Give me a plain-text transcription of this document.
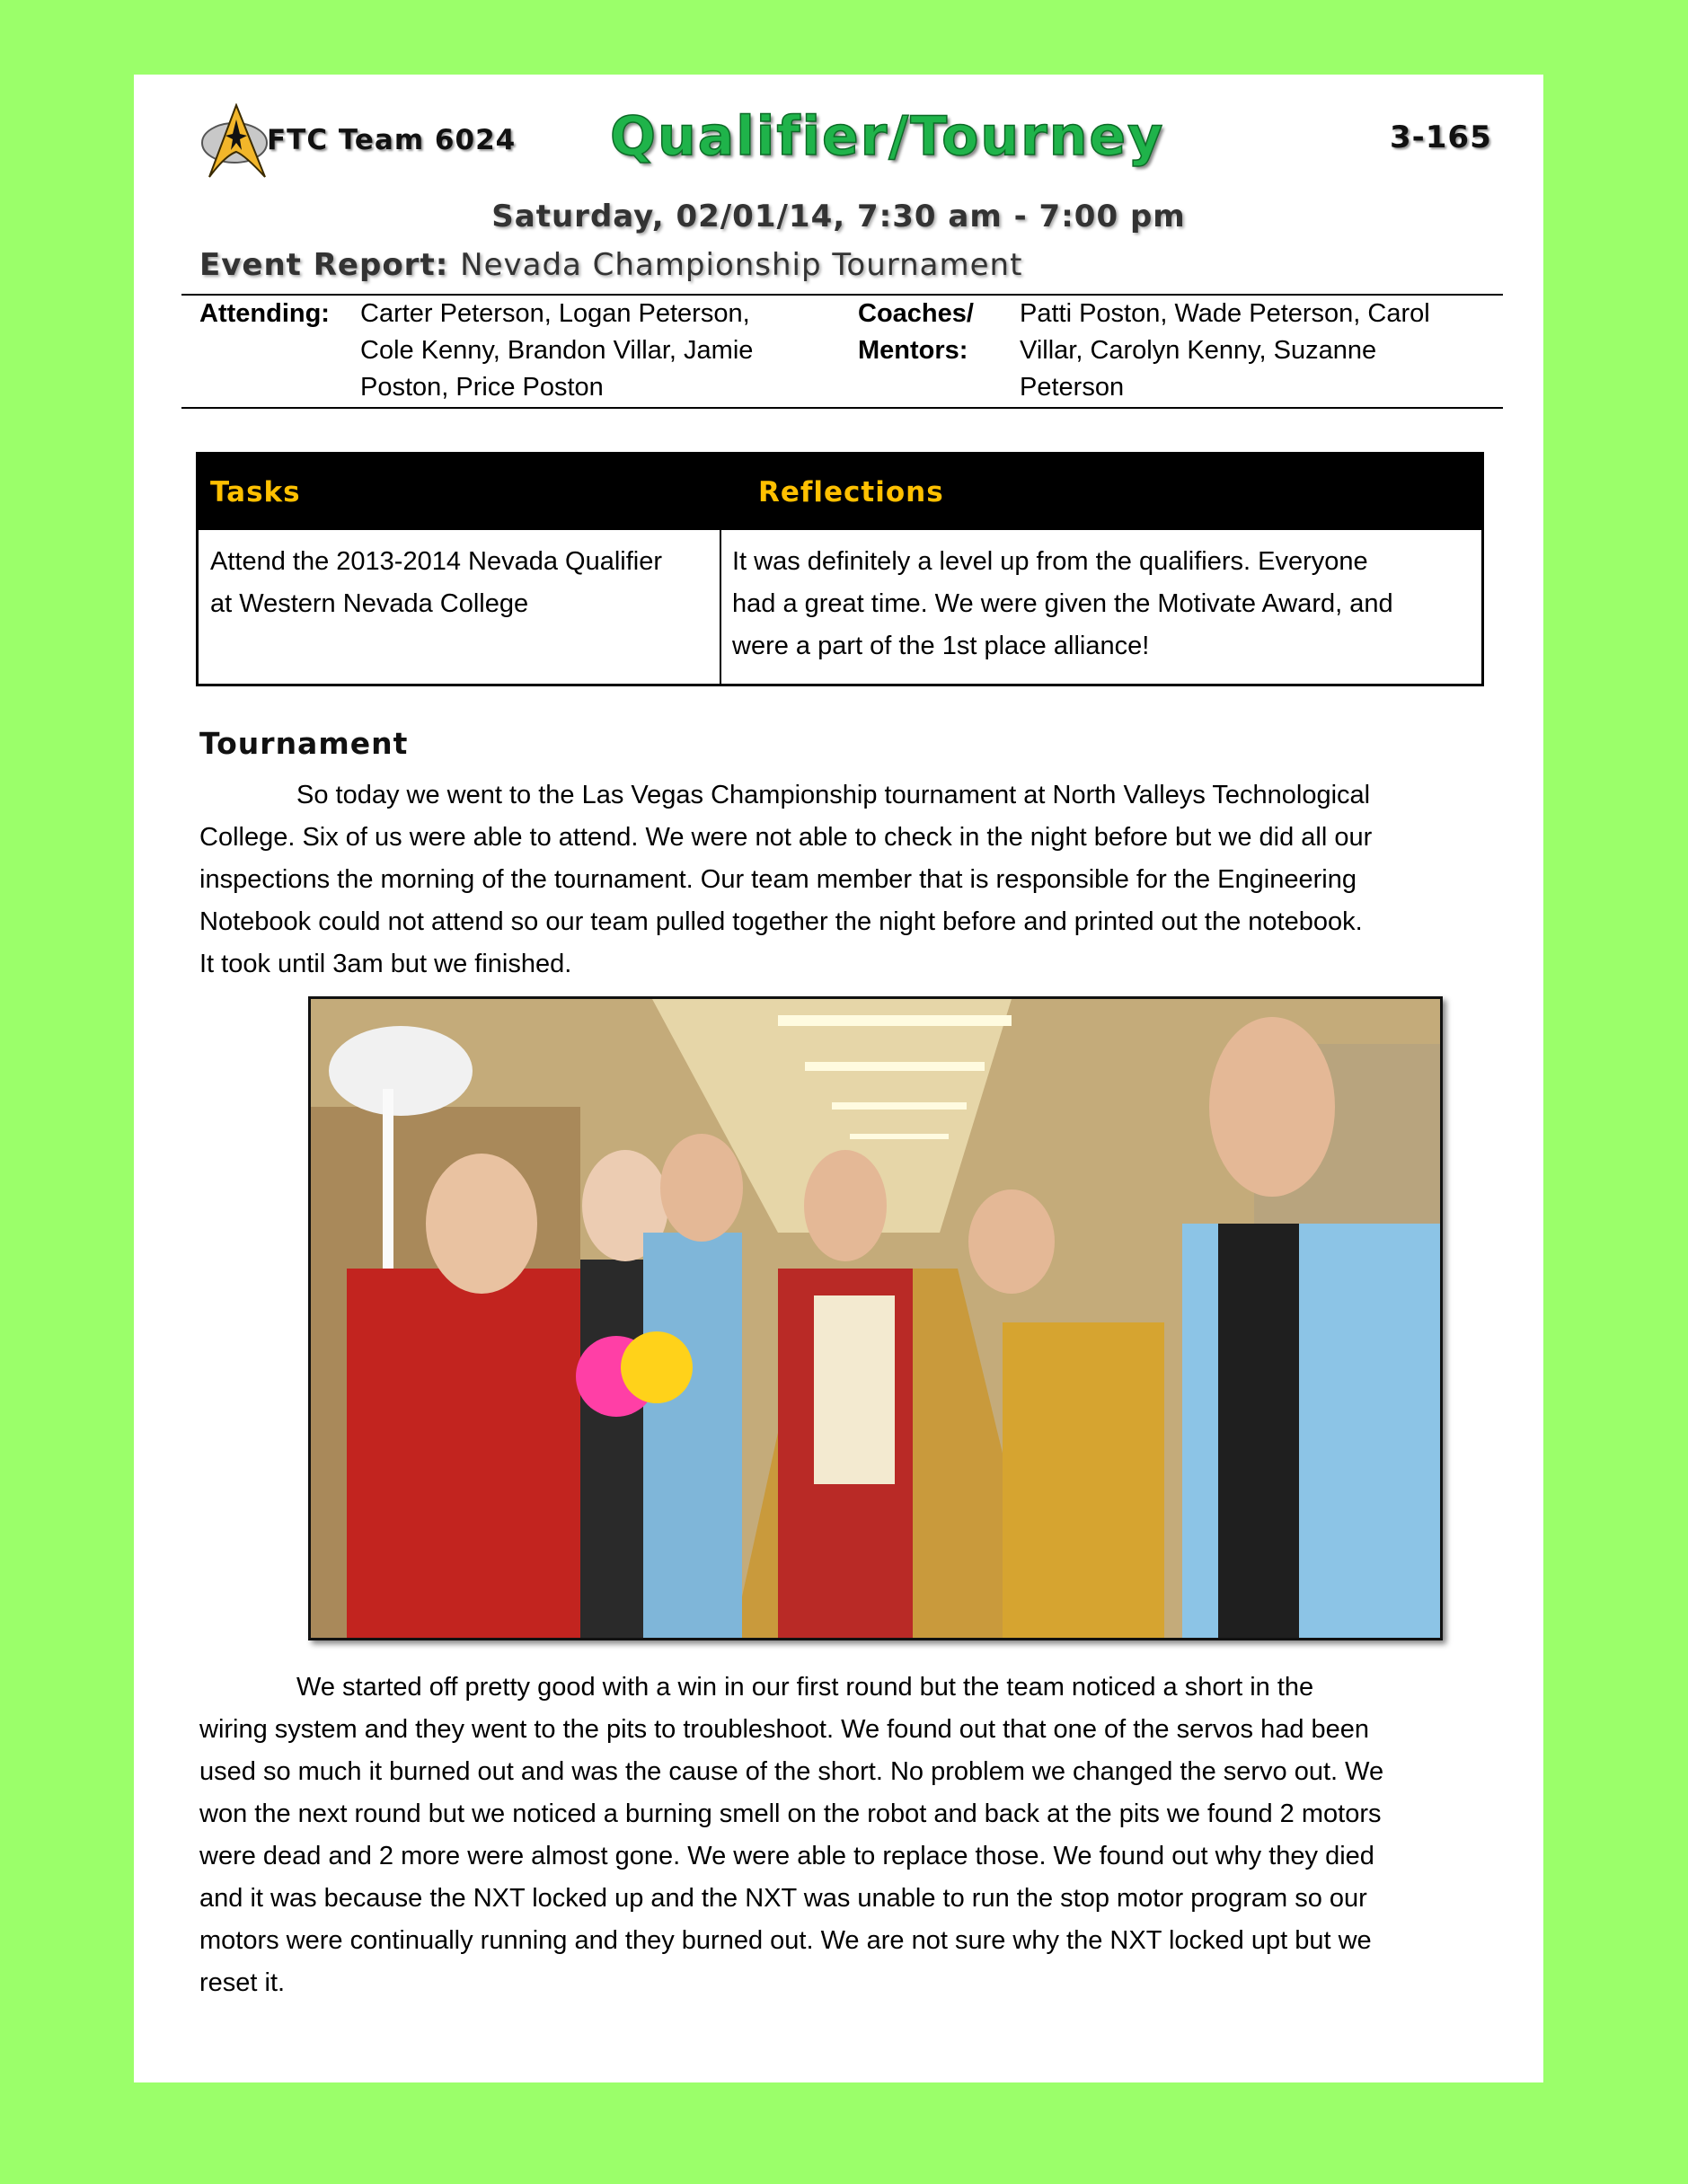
FTC Team 6024 Qualifier/Tourney	3-165
Saturday, 02/01/14, 7:30 am - 7:00 pm
Event Report: Nevada Championship Tournament
Attending: Carter Peterson, Logan Peterson,
Cole Kenny, Brandon Villar, Jamie
Poston, Price Poston
Coaches/
Mentors:
Patti Poston, Wade Peterson, Carol
Villar, Carolyn Kenny, Suzanne
Peterson
Tasks	Reflections
Attend the 2013-2014 Nevada Qualifier
at Western Nevada College
It was definitely a level up from the qualifiers. Everyone
had a great time. We were given the Motivate Award, and
were a part of the 1st place alliance!
Tournament
So today we went to the Las Vegas Championship tournament at North Valleys Technological
College. Six of us were able to attend. We were not able to check in the night before but we did all our
inspections the morning of the tournament. Our team member that is responsible for the Engineering
Notebook could not attend so our team pulled together the night before and printed out the notebook.
It took until 3am but we finished.
We started off pretty good with a win in our first round but the team noticed a short in the
wiring system and they went to the pits to troubleshoot. We found out that one of the servos had been
used so much it burned out and was the cause of the short. No problem we changed the servo out. We
won the next round but we noticed a burning smell on the robot and back at the pits we found 2 motors
were dead and 2 more were almost gone. We were able to replace those. We found out why they died
and it was because the NXT locked up and the NXT was unable to run the stop motor program so our
motors were continually running and they burned out. We are not sure why the NXT locked upt but we
reset it.
